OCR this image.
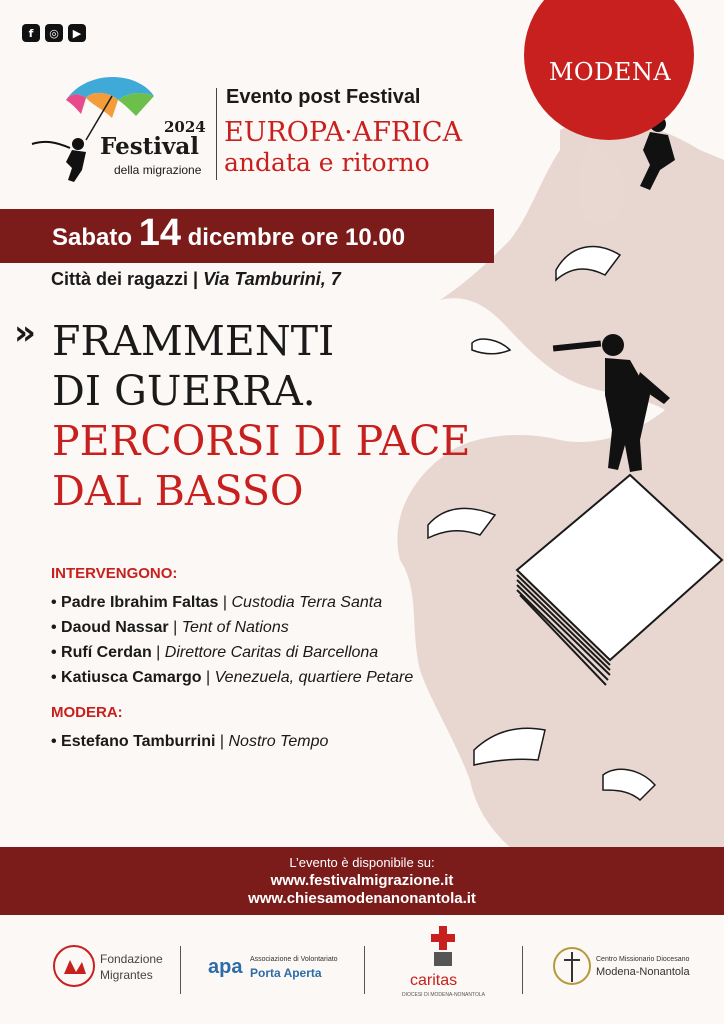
f	◎	▶
MODENA
2024
Festival
della migrazione
Evento post Festival
EUROPA·AFRICA
andata e ritorno
Sabato 14 dicembre ore 10.00
Città dei ragazzi | Via Tamburini, 7
» FRAMMENTI
DI GUERRA.
PERCORSI DI PACE
DAL BASSO
INTERVENGONO:
• Padre Ibrahim Faltas | Custodia Terra Santa
• Daoud Nassar | Tent of Nations
• Rufí Cerdan | Direttore Caritas di Barcellona
• Katiusca Camargo | Venezuela, quartiere Petare
MODERA:
• Estefano Tamburrini | Nostro Tempo
L’evento è disponibile su:
www.festivalmigrazione.it
www.chiesamodenanonantola.it
Fondazione
Migrantes	apa Associazione di Volontariato
Porta Aperta	caritas
DIOCESI DI MODENA-NONANTOLA
Centro Missionario Diocesano
Modena-Nonantola
